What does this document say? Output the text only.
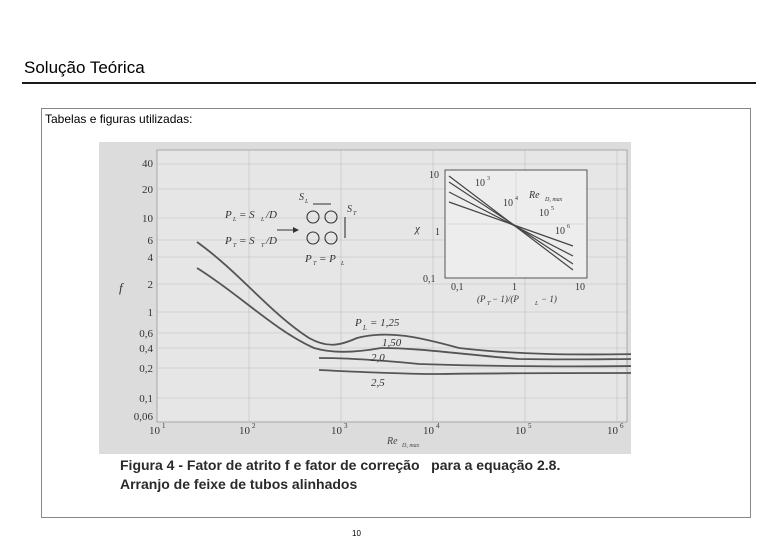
Solução Teórica
Tabelas e figuras utilizadas:
40
20
10
6
4
2
1
0,6
0,4
0,2
0,1
0,06
f
10 1	10 2	10 3	10 4	10 5	10 6
Re D, max
P L = 1,25
1,50
2,0
2,5
P L = S L /D
P T = S T /D
P T = P L
S L
S T
10
1
0,1
0,1	1	10
χ
(P T − 1)/(P	L − 1)
10 3
10 4
10 5
10 6
Re D, max
Figura 4 - Fator de atrito f e fator de correção   para a equação 2.8.
Arranjo de feixe de tubos alinhados
10
